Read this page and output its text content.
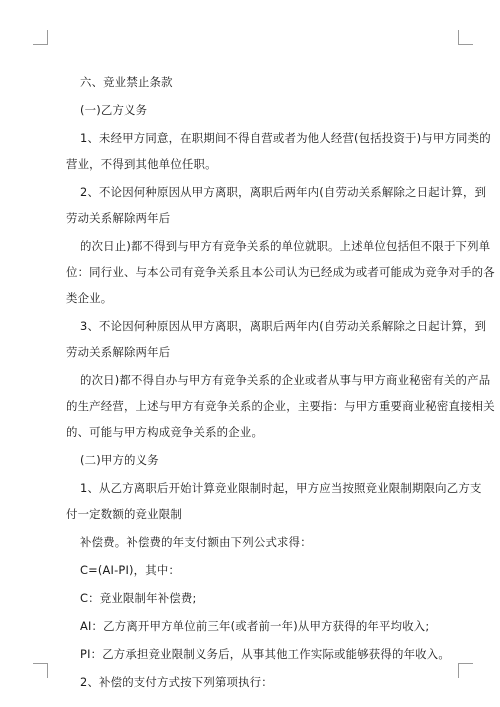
六、竞业禁止条款

(一)乙方义务

1、未经甲方同意，在职期间不得自营或者为他人经营(包括投资于)与甲方同类的

营业，不得到其他单位任职。

2、不论因何种原因从甲方离职，离职后两年内(自劳动关系解除之日起计算，到

劳动关系解除两年后

的次日止)都不得到与甲方有竞争关系的单位就职。上述单位包括但不限于下列单

位：同行业、与本公司有竞争关系且本公司认为已经成为或者可能成为竞争对手的各

类企业。

3、不论因何种原因从甲方离职，离职后两年内(自劳动关系解除之日起计算，到

劳动关系解除两年后

的次日)都不得自办与甲方有竞争关系的企业或者从事与甲方商业秘密有关的产品

的生产经营，上述与甲方有竞争关系的企业，主要指：与甲方重要商业秘密直接相关

的、可能与甲方构成竞争关系的企业。

(二)甲方的义务

1、从乙方离职后开始计算竞业限制时起，甲方应当按照竞业限制期限向乙方支

付一定数额的竞业限制

补偿费。补偿费的年支付额由下列公式求得：

C=(AI-PI)，其中：

C：竞业限制年补偿费;

AI：乙方离开甲方单位前三年(或者前一年)从甲方获得的年平均收入;

PI：乙方承担竞业限制义务后，从事其他工作实际或能够获得的年收入。

2、补偿的支付方式按下列第项执行：
